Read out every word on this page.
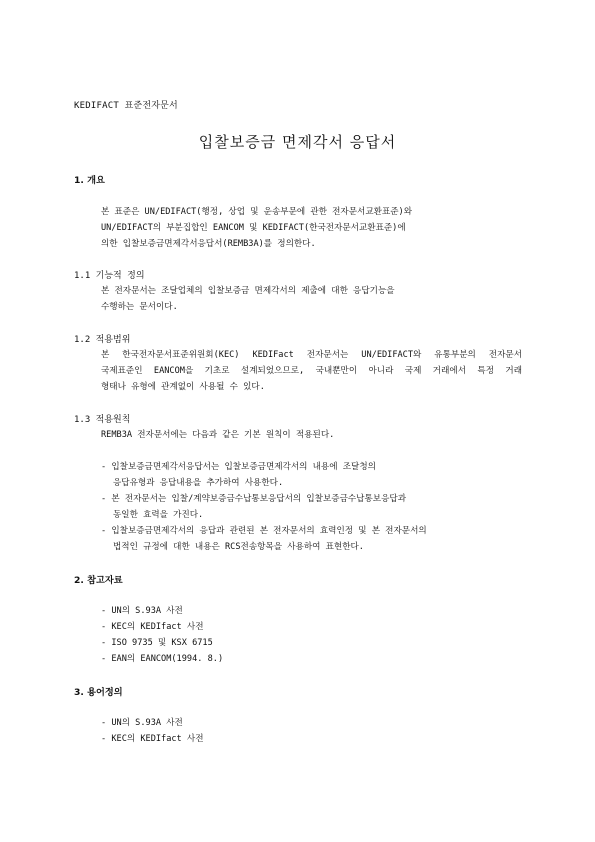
KEDIFACT 표준전자문서
입찰보증금 면제각서 응답서
1. 개요
본 표준은 UN/EDIFACT(행정, 상업 및 운송부문에 관한 전자문서교환표준)와
UN/EDIFACT의 부분집합인 EANCOM 및 KEDIFACT(한국전자문서교환표준)에
의한 입찰보증금면제각서응답서(REMB3A)를 정의한다.
1.1 기능적 정의
본 전자문서는 조달업체의 입찰보증금 면제각서의 제출에 대한 응답기능을
수행하는 문서이다.
1.2 적용범위
본 한국전자문서표준위원회(KEC) KEDIFact 전자문서는 UN/EDIFACT와 유통부분의 전자문서
국제표준인 EANCOM을 기초로 설계되었으므로, 국내뿐만이 아니라 국제 거래에서 특정 거래
형태나 유형에 관계없이 사용될 수 있다.
1.3 적용원칙
REMB3A 전자문서에는 다음과 같은 기본 원칙이 적용된다.
- 입찰보증금면제각서응답서는 입찰보증금면제각서의 내용에 조달청의
응답유형과 응답내용을 추가하여 사용한다.
- 본 전자문서는 입찰/계약보증금수납통보응답서의 입찰보증금수납통보응답과
동일한 효력을 가진다.
- 입찰보증금면제각서의 응답과 관련된 본 전자문서의 효력인정 및 본 전자문서의
법적인 규정에 대한 내용은 RCS전송항목을 사용하여 표현한다.
2. 참고자료
- UN의 S.93A 사전
- KEC의 KEDIfact 사전
- ISO 9735 및 KSX 6715
- EAN의 EANCOM(1994. 8.)
3. 용어정의
- UN의 S.93A 사전
- KEC의 KEDIfact 사전
